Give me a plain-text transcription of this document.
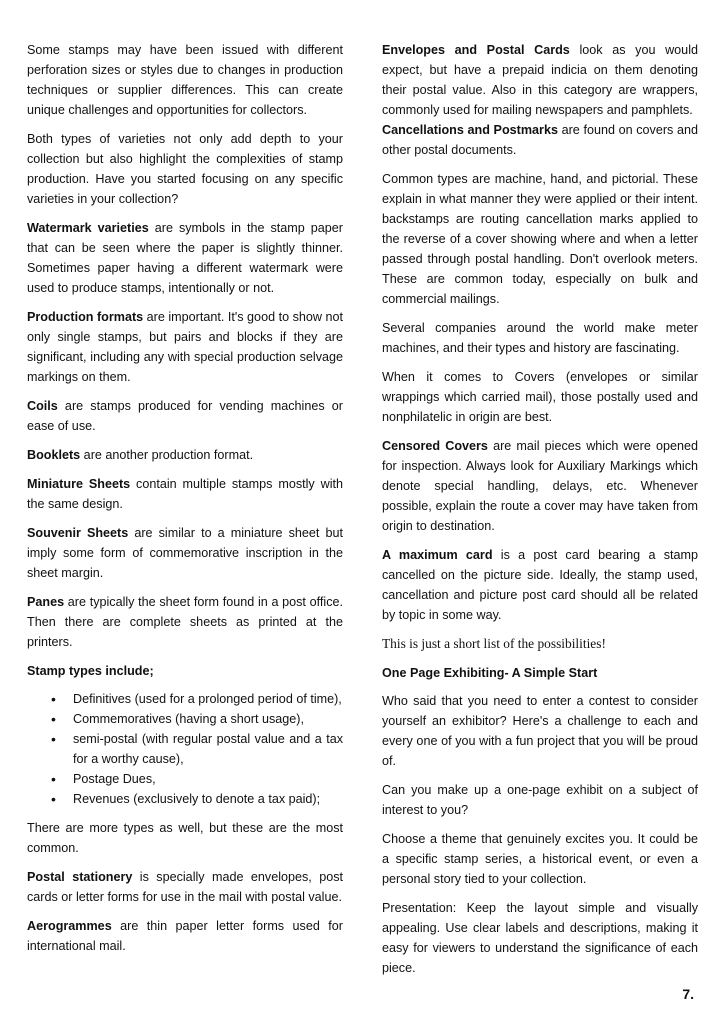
Some stamps may have been issued with different perforation sizes or styles due to changes in production techniques or supplier differences. This can create unique challenges and opportunities for collectors.

Both types of varieties not only add depth to your collection but also highlight the complexities of stamp production. Have you started focusing on any specific varieties in your collection?

Watermark varieties are symbols in the stamp paper that can be seen where the paper is slightly thinner. Sometimes paper having a different watermark were used to produce stamps, intentionally or not.

Production formats are important. It's good to show not only single stamps, but pairs and blocks if they are significant, including any with special production selvage markings on them.

Coils are stamps produced for vending machines or ease of use.

Booklets are another production format.

Miniature Sheets contain multiple stamps mostly with the same design.

Souvenir Sheets are similar to a miniature sheet but imply some form of commemorative inscription in the sheet margin.

Panes are typically the sheet form found in a post office. Then there are complete sheets as printed at the printers.

Stamp types include;
• Definitives (used for a prolonged period of time),
• Commemoratives (having a short usage),
• semi-postal (with regular postal value and a tax for a worthy cause),
• Postage Dues,
• Revenues (exclusively to denote a tax paid);

There are more types as well, but these are the most common.

Postal stationery is specially made envelopes, post cards or letter forms for use in the mail with postal value.

Aerogrammes are thin paper letter forms used for international mail.

Envelopes and Postal Cards look as you would expect, but have a prepaid indicia on them denoting their postal value. Also in this category are wrappers, commonly used for mailing newspapers and pamphlets.

Cancellations and Postmarks are found on covers and other postal documents.

Common types are machine, hand, and pictorial. These explain in what manner they were applied or their intent. backstamps are routing cancellation marks applied to the reverse of a cover showing where and when a letter passed through postal handling. Don't overlook meters. These are common today, especially on bulk and commercial mailings.

Several companies around the world make meter machines, and their types and history are fascinating.

When it comes to Covers (envelopes or similar wrappings which carried mail), those postally used and nonphilatelic in origin are best.

Censored Covers are mail pieces which were opened for inspection. Always look for Auxiliary Markings which denote special handling, delays, etc. Whenever possible, explain the route a cover may have taken from origin to destination.

A maximum card is a post card bearing a stamp cancelled on the picture side. Ideally, the stamp used, cancellation and picture post card should all be related by topic in some way.

This is just a short list of the possibilities!

One Page Exhibiting- A Simple Start

Who said that you need to enter a contest to consider yourself an exhibitor? Here's a challenge to each and every one of you with a fun project that you will be proud of.

Can you make up a one-page exhibit on a subject of interest to you?

Choose a theme that genuinely excites you. It could be a specific stamp series, a historical event, or even a personal story tied to your collection.

Presentation: Keep the layout simple and visually appealing. Use clear labels and descriptions, making it easy for viewers to understand the significance of each piece.

7.
